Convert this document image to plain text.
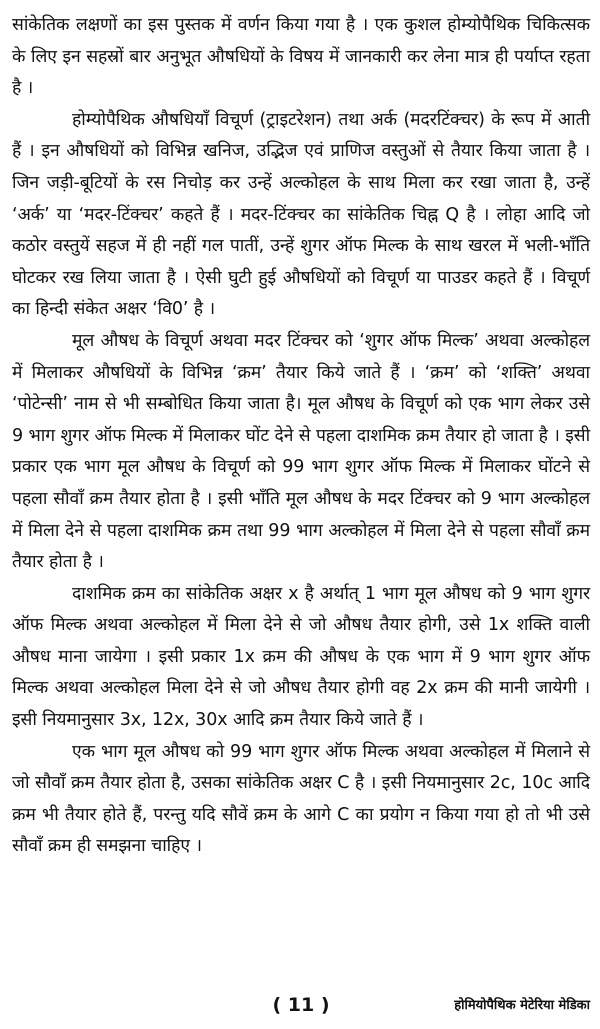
सांकेतिक लक्षणों का इस पुस्तक में वर्णन किया गया है । एक कुशल होम्योपैथिक चिकित्सक के लिए इन सहस्रों बार अनुभूत औषधियों के विषय में जानकारी कर लेना मात्र ही पर्याप्त रहता है ।

होम्योपैथिक औषधियाँ विचूर्ण (ट्राइटरेशन) तथा अर्क (मदरटिंक्चर) के रूप में आती हैं । इन औषधियों को विभिन्न खनिज, उद्भिज एवं प्राणिज वस्तुओं से तैयार किया जाता है । जिन जड़ी-बूटियों के रस निचोड़ कर उन्हें अल्कोहल के साथ मिला कर रखा जाता है, उन्हें ‘अर्क’ या ‘मदर-टिंक्चर’ कहते हैं । मदर-टिंक्चर का सांकेतिक चिह्न Q है । लोहा आदि जो कठोर वस्तुयें सहज में ही नहीं गल पातीं, उन्हें शुगर ऑफ मिल्क के साथ खरल में भली-भाँति घोटकर रख लिया जाता है । ऐसी घुटी हुई औषधियों को विचूर्ण या पाउडर कहते हैं । विचूर्ण का हिन्दी संकेत अक्षर ‘वि0’ है ।

मूल औषध के विचूर्ण अथवा मदर टिंक्चर को ‘शुगर ऑफ मिल्क’ अथवा अल्कोहल में मिलाकर औषधियों के विभिन्न ‘क्रम’ तैयार किये जाते हैं । ‘क्रम’ को ‘शक्ति’ अथवा ‘पोटेन्सी’ नाम से भी सम्बोधित किया जाता है। मूल औषध के विचूर्ण को एक भाग लेकर उसे 9 भाग शुगर ऑफ मिल्क में मिलाकर घोंट देने से पहला दाशमिक क्रम तैयार हो जाता है । इसी प्रकार एक भाग मूल औषध के विचूर्ण को 99 भाग शुगर ऑफ मिल्क में मिलाकर घोंटने से पहला सौवाँ क्रम तैयार होता है । इसी भाँति मूल औषध के मदर टिंक्चर को 9 भाग अल्कोहल में मिला देने से पहला दाशमिक क्रम तथा 99 भाग अल्कोहल में मिला देने से पहला सौवाँ क्रम तैयार होता है ।

दाशमिक क्रम का सांकेतिक अक्षर x है अर्थात् 1 भाग मूल औषध को 9 भाग शुगर ऑफ मिल्क अथवा अल्कोहल में मिला देने से जो औषध तैयार होगी, उसे 1x शक्ति वाली औषध माना जायेगा । इसी प्रकार 1x क्रम की औषध के एक भाग में 9 भाग शुगर ऑफ मिल्क अथवा अल्कोहल मिला देने से जो औषध तैयार होगी वह 2x क्रम की मानी जायेगी । इसी नियमानुसार 3x, 12x, 30x आदि क्रम तैयार किये जाते हैं ।

एक भाग मूल औषध को 99 भाग शुगर ऑफ मिल्क अथवा अल्कोहल में मिलाने से जो सौवाँ क्रम तैयार होता है, उसका सांकेतिक अक्षर C है । इसी नियमानुसार 2c, 10c आदि क्रम भी तैयार होते हैं, परन्तु यदि सौवें क्रम के आगे C का प्रयोग न किया गया हो तो भी उसे सौवाँ क्रम ही समझना चाहिए ।

( 11 )	होमियोपैथिक मेटेरिया मेडिका
